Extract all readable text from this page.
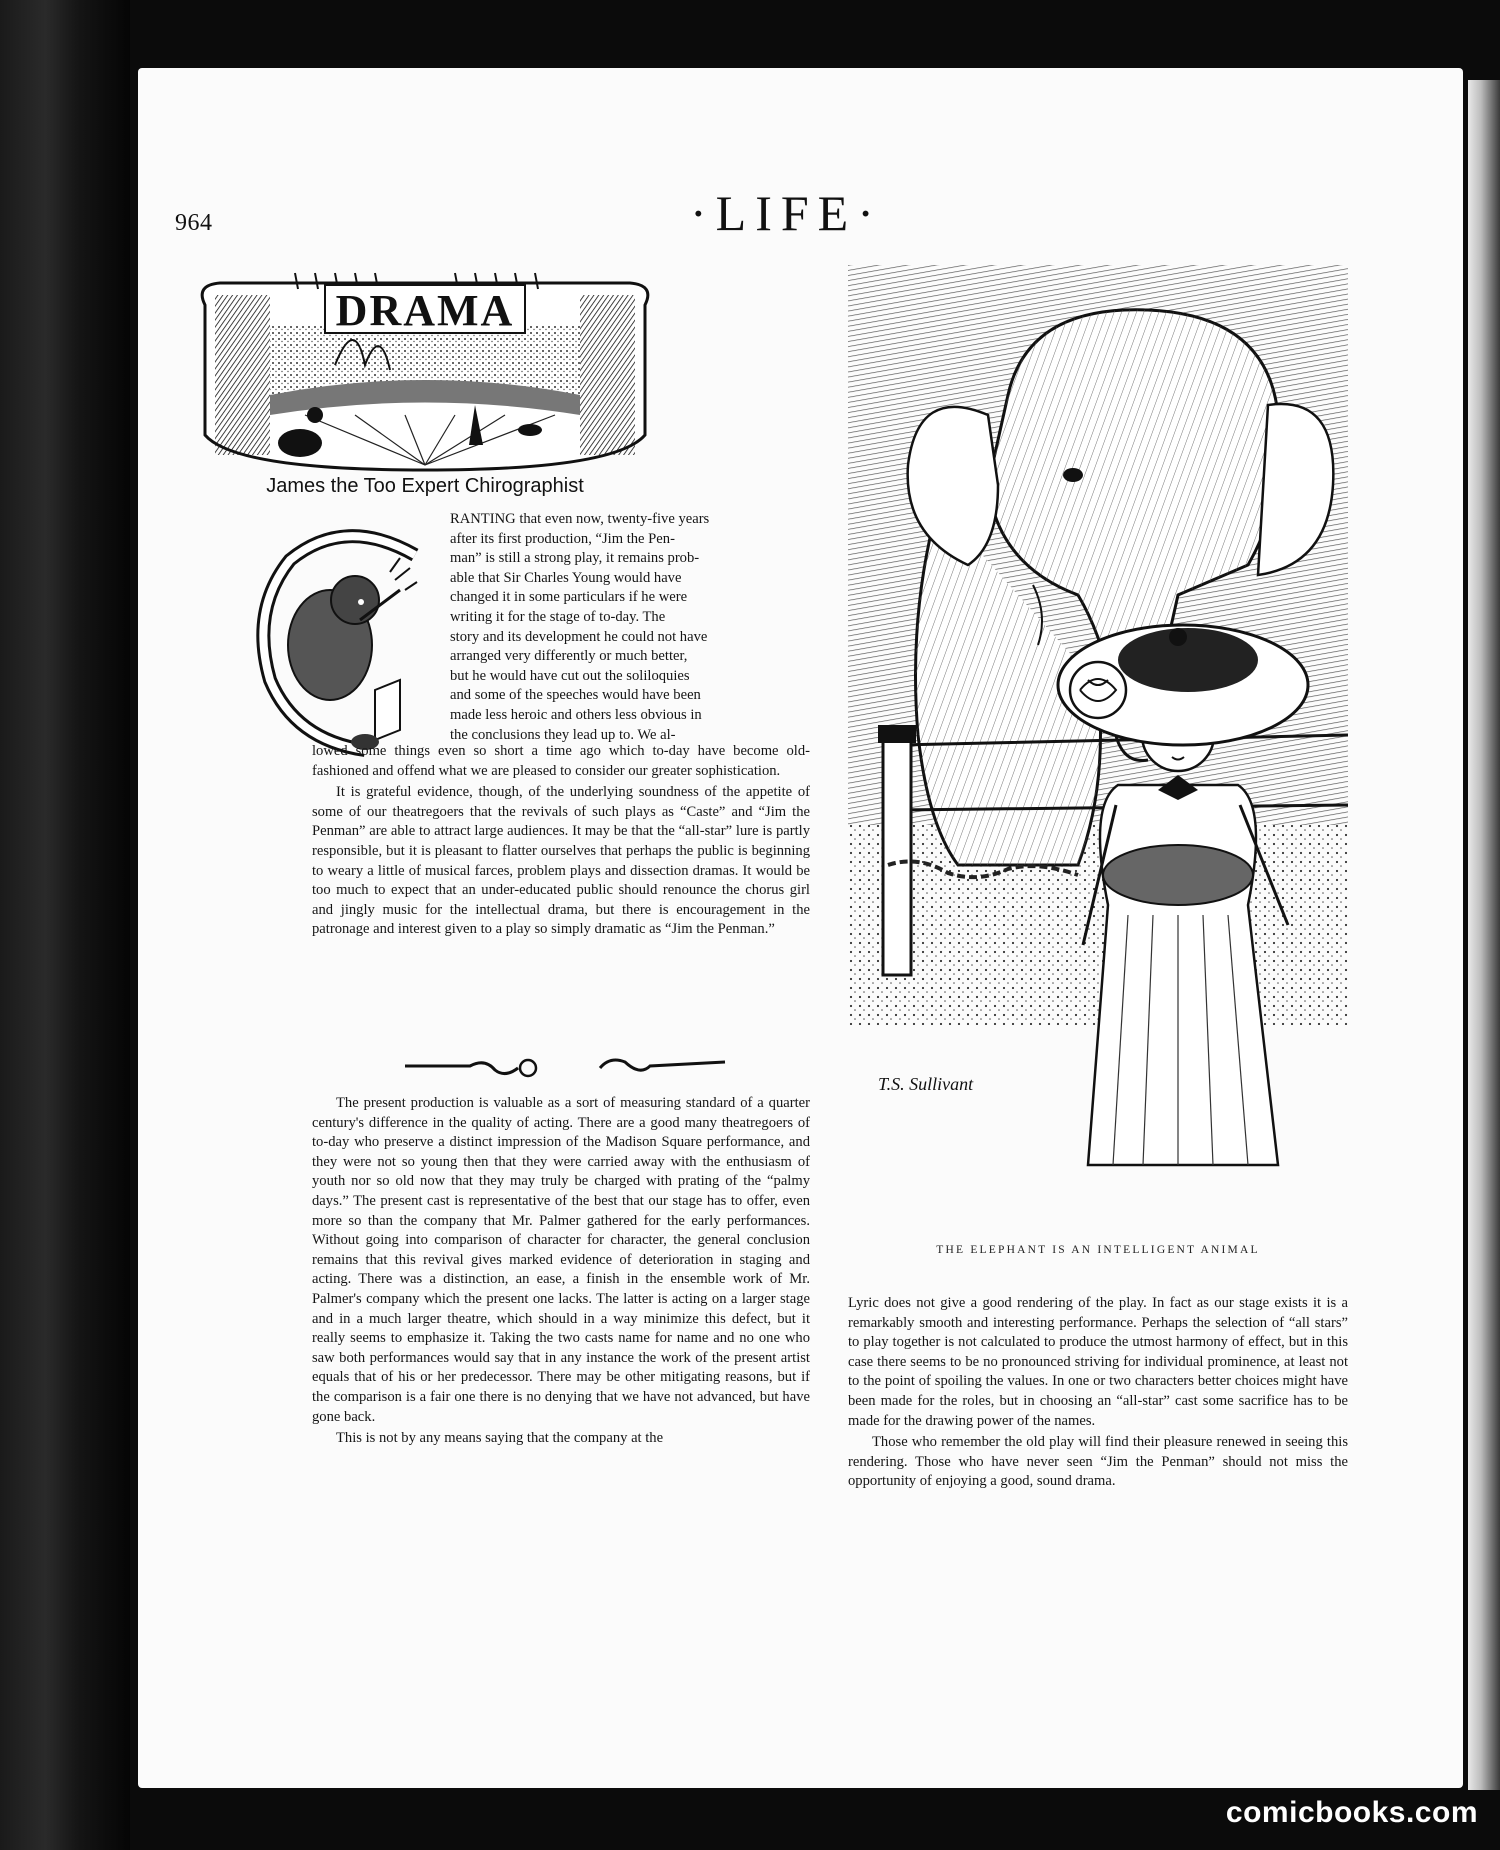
964	·LIFE·
DRAMA
James the Too Expert Chirographist
RANTING that even now, twenty-five years
after its first production, “Jim the Pen-
man” is still a strong play, it remains prob-
able that Sir Charles Young would have
changed it in some particulars if he were
writing it for the stage of to-day. The
story and its development he could not have
arranged very differently or much better,
but he would have cut out the soliloquies
and some of the speeches would have been
made less heroic and others less obvious in
the conclusions they lead up to. We al-

lowed some things even so short a time ago which to-day have become old-fashioned and offend what we are pleased to consider our greater sophistication.

It is grateful evidence, though, of the underlying soundness of the appetite of some of our theatregoers that the revivals of such plays as “Caste” and “Jim the Penman” are able to attract large audiences. It may be that the “all-star” lure is partly responsible, but it is pleasant to flatter ourselves that perhaps the public is beginning to weary a little of musical farces, problem plays and dissection dramas. It would be too much to expect that an under-educated public should renounce the chorus girl and jingly music for the intellectual drama, but there is encouragement in the patronage and interest given to a play so simply dramatic as “Jim the Penman.”

The present production is valuable as a sort of measuring standard of a quarter century's difference in the quality of acting. There are a good many theatregoers of to-day who preserve a distinct impression of the Madison Square performance, and they were not so young then that they were carried away with the enthusiasm of youth nor so old now that they may truly be charged with prating of the “palmy days.” The present cast is representative of the best that our stage has to offer, even more so than the company that Mr. Palmer gathered for the early performances. Without going into comparison of character for character, the general conclusion remains that this revival gives marked evidence of deterioration in staging and acting. There was a distinction, an ease, a finish in the ensemble work of Mr. Palmer's company which the present one lacks. The latter is acting on a larger stage and in a much larger theatre, which should in a way minimize this defect, but it really seems to emphasize it. Taking the two casts name for name and no one who saw both performances would say that in any instance the work of the present artist equals that of his or her predecessor. There may be other mitigating reasons, but if the comparison is a fair one there is no denying that we have not advanced, but have gone back.

This is not by any means saying that the company at the

T.S. Sullivant

THE ELEPHANT IS AN INTELLIGENT ANIMAL

Lyric does not give a good rendering of the play. In fact as our stage exists it is a remarkably smooth and interesting performance. Perhaps the selection of “all stars” to play together is not calculated to produce the utmost harmony of effect, but in this case there seems to be no pronounced striving for individual prominence, at least not to the point of spoiling the values. In one or two characters better choices might have been made for the roles, but in choosing an “all-star” cast some sacrifice has to be made for the drawing power of the names.

Those who remember the old play will find their pleasure renewed in seeing this rendering. Those who have never seen “Jim the Penman” should not miss the opportunity of enjoying a good, sound drama.

comicbooks.com
